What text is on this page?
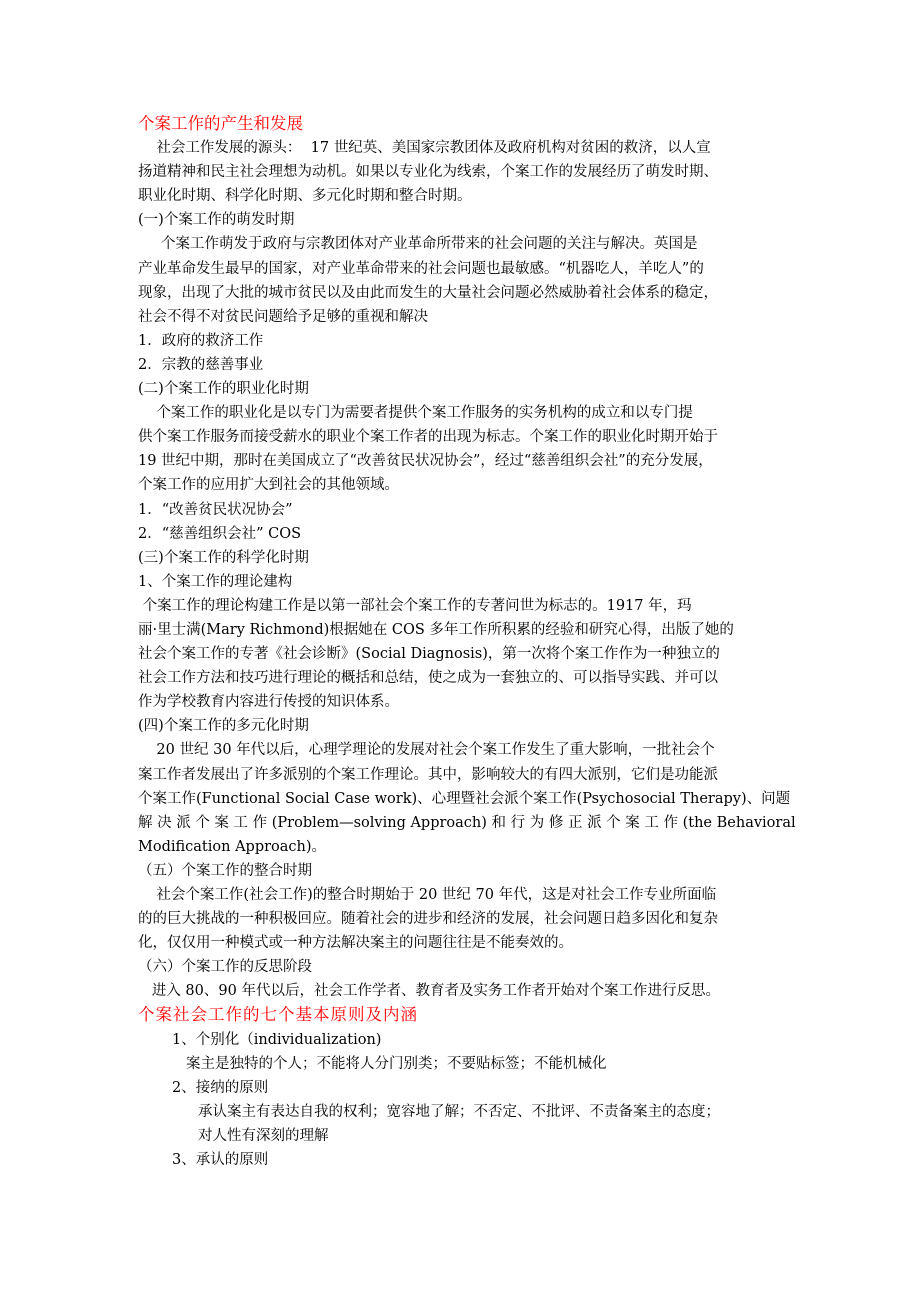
个案工作的产生和发展
社会工作发展的源头：  17 世纪英、美国家宗教团体及政府机构对贫困的救济，以人宣
扬道精神和民主社会理想为动机。如果以专业化为线索，个案工作的发展经历了萌发时期、
职业化时期、科学化时期、多元化时期和整合时期。
(一)个案工作的萌发时期
个案工作萌发于政府与宗教团体对产业革命所带来的社会问题的关注与解决。英国是
产业革命发生最早的国家，对产业革命带来的社会问题也最敏感。“机器吃人，羊吃人”的
现象，出现了大批的城市贫民以及由此而发生的大量社会问题必然威胁着社会体系的稳定，
社会不得不对贫民问题给予足够的重视和解决
1．政府的救济工作
2．宗教的慈善事业
(二)个案工作的职业化时期
个案工作的职业化是以专门为需要者提供个案工作服务的实务机构的成立和以专门提
供个案工作服务而接受薪水的职业个案工作者的出现为标志。个案工作的职业化时期开始于
19 世纪中期，那时在美国成立了“改善贫民状况协会”，经过“慈善组织会社”的充分发展，
个案工作的应用扩大到社会的其他领域。
1．“改善贫民状况协会”
2．“慈善组织会社” COS
(三)个案工作的科学化时期
1、个案工作的理论建构
个案工作的理论构建工作是以第一部社会个案工作的专著问世为标志的。1917 年，玛
丽·里士满(Mary Richmond)根据她在 COS 多年工作所积累的经验和研究心得，出版了她的
社会个案工作的专著《社会诊断》(Social Diagnosis)，第一次将个案工作作为一种独立的
社会工作方法和技巧进行理论的概括和总结，使之成为一套独立的、可以指导实践、并可以
作为学校教育内容进行传授的知识体系。
(四)个案工作的多元化时期
20 世纪 30 年代以后，心理学理论的发展对社会个案工作发生了重大影响，一批社会个
案工作者发展出了许多派别的个案工作理论。其中，影响较大的有四大派别，它们是功能派
个案工作(Functional Social Case work)、心理暨社会派个案工作(Psychosocial Therapy)、问题
解 决 派 个 案 工 作 (Problem—solving Approach) 和 行 为 修 正 派 个 案 工 作 (the Behavioral
Modification Approach)。
（五）个案工作的整合时期
社会个案工作(社会工作)的整合时期始于 20 世纪 70 年代，这是对社会工作专业所面临
的的巨大挑战的一种积极回应。随着社会的进步和经济的发展，社会问题日趋多因化和复杂
化，仅仅用一种模式或一种方法解决案主的问题往往是不能奏效的。
（六）个案工作的反思阶段
进入 80、90 年代以后，社会工作学者、教育者及实务工作者开始对个案工作进行反思。
个案社会工作的七个基本原则及内涵
1、个别化（individualization)
案主是独特的个人；不能将人分门别类；不要贴标签；不能机械化
2、接纳的原则
承认案主有表达自我的权利；宽容地了解；不否定、不批评、不责备案主的态度；
对人性有深刻的理解
3、承认的原则
